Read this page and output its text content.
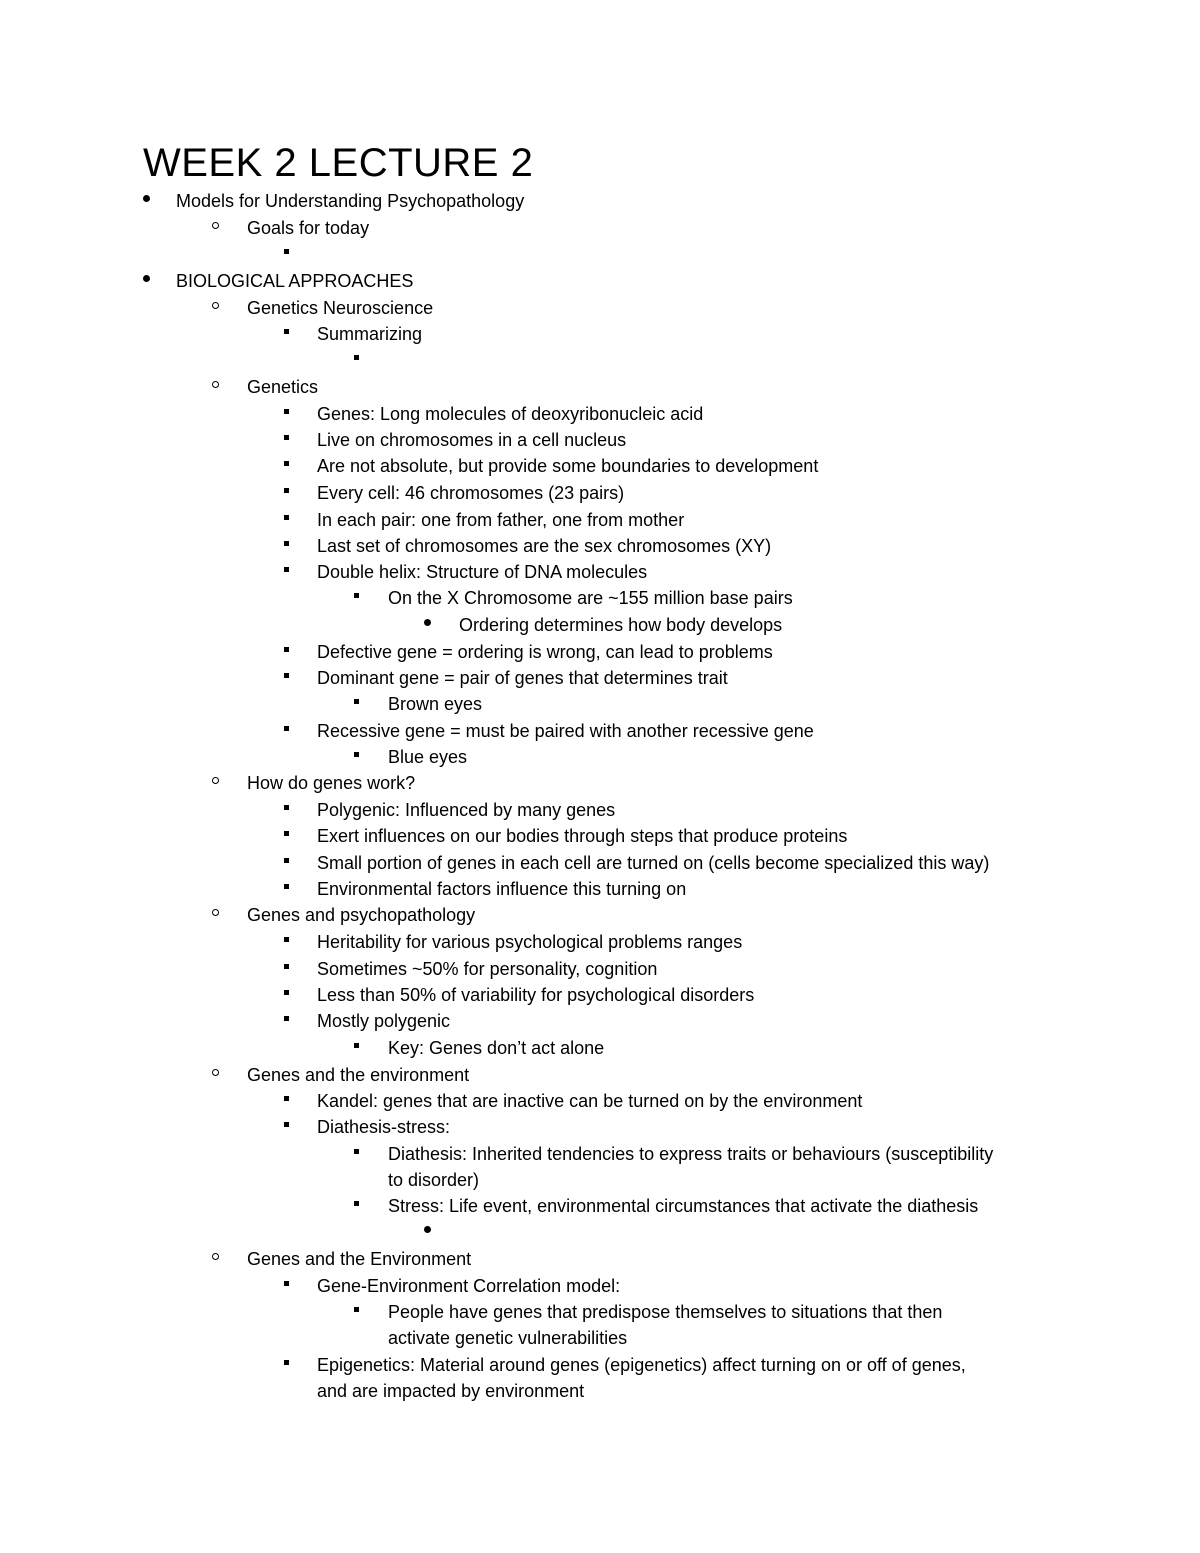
WEEK 2 LECTURE 2
Models for Understanding Psychopathology
Goals for today
BIOLOGICAL APPROACHES
Genetics Neuroscience
Summarizing
Genetics
Genes: Long molecules of deoxyribonucleic acid
Live on chromosomes in a cell nucleus
Are not absolute, but provide some boundaries to development
Every cell: 46 chromosomes (23 pairs)
In each pair: one from father, one from mother
Last set of chromosomes are the sex chromosomes (XY)
Double helix: Structure of DNA molecules
On the X Chromosome are ~155 million base pairs
Ordering determines how body develops
Defective gene = ordering is wrong, can lead to problems
Dominant gene = pair of genes that determines trait
Brown eyes
Recessive gene = must be paired with another recessive gene
Blue eyes
How do genes work?
Polygenic: Influenced by many genes
Exert influences on our bodies through steps that produce proteins
Small portion of genes in each cell are turned on (cells become specialized this way)
Environmental factors influence this turning on
Genes and psychopathology
Heritability for various psychological problems ranges
Sometimes ~50% for personality, cognition
Less than 50% of variability for psychological disorders
Mostly polygenic
Key: Genes don’t act alone
Genes and the environment
Kandel: genes that are inactive can be turned on by the environment
Diathesis-stress:
Diathesis: Inherited tendencies to express traits or behaviours (susceptibility
to disorder)
Stress: Life event, environmental circumstances that activate the diathesis
Genes and the Environment
Gene-Environment Correlation model:
People have genes that predispose themselves to situations that then
activate genetic vulnerabilities
Epigenetics: Material around genes (epigenetics) affect turning on or off of genes,
and are impacted by environment
